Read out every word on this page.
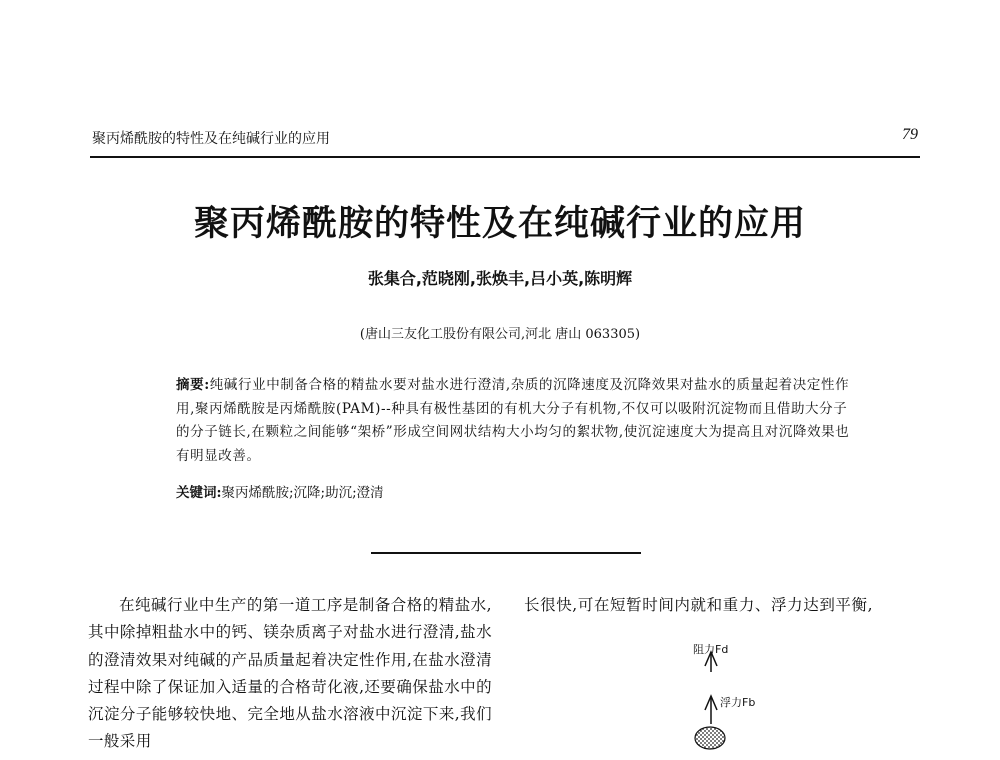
聚丙烯酰胺的特性及在纯碱行业的应用	79
聚丙烯酰胺的特性及在纯碱行业的应用
张集合,范晓刚,张焕丰,吕小英,陈明辉
(唐山三友化工股份有限公司,河北 唐山 063305)
摘要:纯碱行业中制备合格的精盐水要对盐水进行澄清,杂质的沉降速度及沉降效果对盐水的质量起着决定性作用,聚丙烯酰胺是丙烯酰胺(PAM)--种具有极性基团的有机大分子有机物,不仅可以吸附沉淀物而且借助大分子的分子链长,在颗粒之间能够“架桥”形成空间网状结构大小均匀的絮状物,使沉淀速度大为提高且对沉降效果也有明显改善。
关键词:聚丙烯酰胺;沉降;助沉;澄清
在纯碱行业中生产的第一道工序是制备合格的精盐水,其中除掉粗盐水中的钙、镁杂质离子对盐水进行澄清,盐水的澄清效果对纯碱的产品质量起着决定性作用,在盐水澄清过程中除了保证加入适量的合格苛化液,还要确保盐水中的沉淀分子能够较快地、完全地从盐水溶液中沉淀下来,我们一般采用
长很快,可在短暂时间内就和重力、浮力达到平衡,
阻力Fd
浮力Fb
